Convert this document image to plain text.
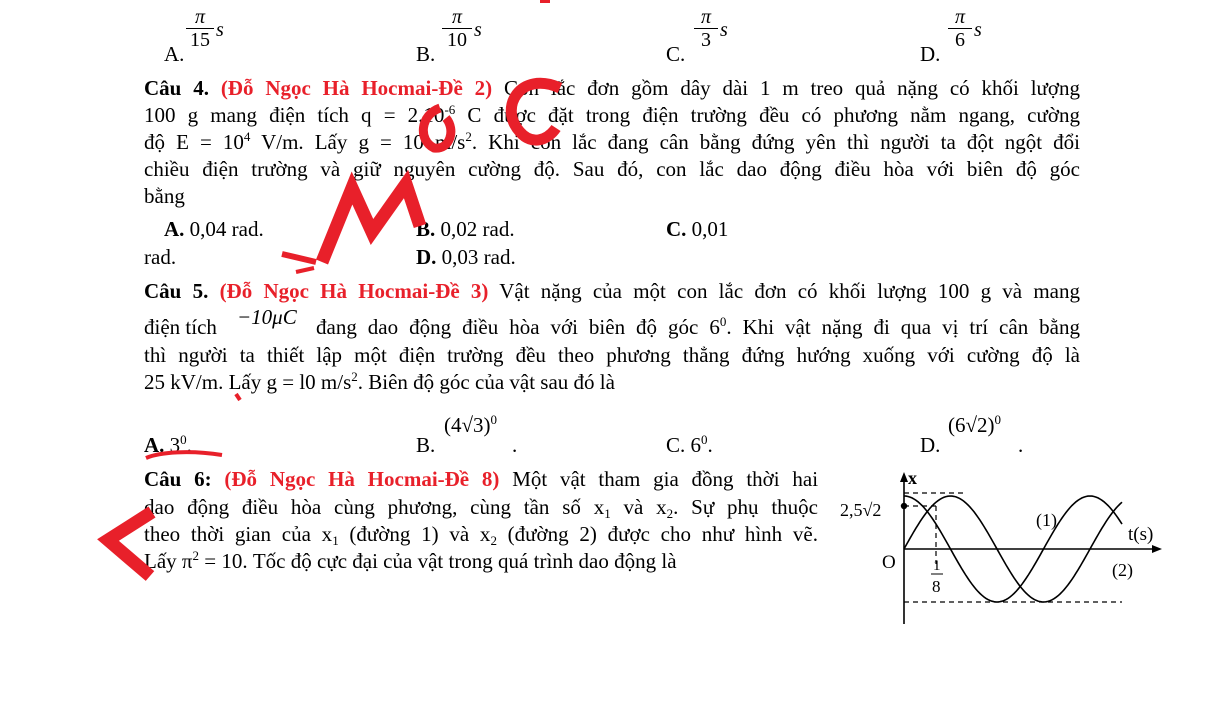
A.
π
15 s
B.
π
10 s
C.
π
3 s
D.
π
6 s
Câu 4. (Đỗ Ngọc Hà Hocmai-Đề 2) Con lắc đơn gồm dây dài 1 m treo quả nặng có khối lượng
100 g mang điện tích $q = 2.10^{-6}$ C được đặt trong điện trường đều có phương nằm ngang, cường
độ $E = 10^4$ V/m. Lấy g = 10 $m/s^2$. Khi con lắc đang cân bằng đứng yên thì người ta đột ngột đổi
chiều điện trường và giữ nguyên cường độ. Sau đó, con lắc dao động điều hòa với biên độ góc
bằng
A. 0,04 rad.	B. 0,02 rad.	C. 0,01
rad.	D. 0,03 rad.
Câu 5. (Đỗ Ngọc Hà Hocmai-Đề 3) Vật nặng của một con lắc đơn có khối lượng 100 g và mang
điện tích −10μC đang dao động điều hòa với biên độ góc $6^0$. Khi vật nặng đi qua vị trí cân bằng
thì người ta thiết lập một điện trường đều theo phương thẳng đứng hướng xuống với cường độ là
25 kV/m. Lấy g = l0 $m/s^2$. Biên độ góc của vật sau đó là
A. $3^0$.	B.
$(4√3)^0$
.	C. $6^0$.	D.
$(6√2)^0$
.
Câu 6: (Đỗ Ngọc Hà Hocmai-Đề 8) Một vật tham gia đồng thời hai
dao động điều hòa cùng phương, cùng tần số $x_1$ và $x_2$. Sự phụ thuộc
theo thời gian của $x_1$ (đường 1) và $x_2$ (đường 2) được cho như hình vẽ.
Lấy $\pi^2 = 10$. Tốc độ cực đại của vật trong quá trình dao động là
x
t(s)
O
2,5√2
1
8
(1)
(2)
